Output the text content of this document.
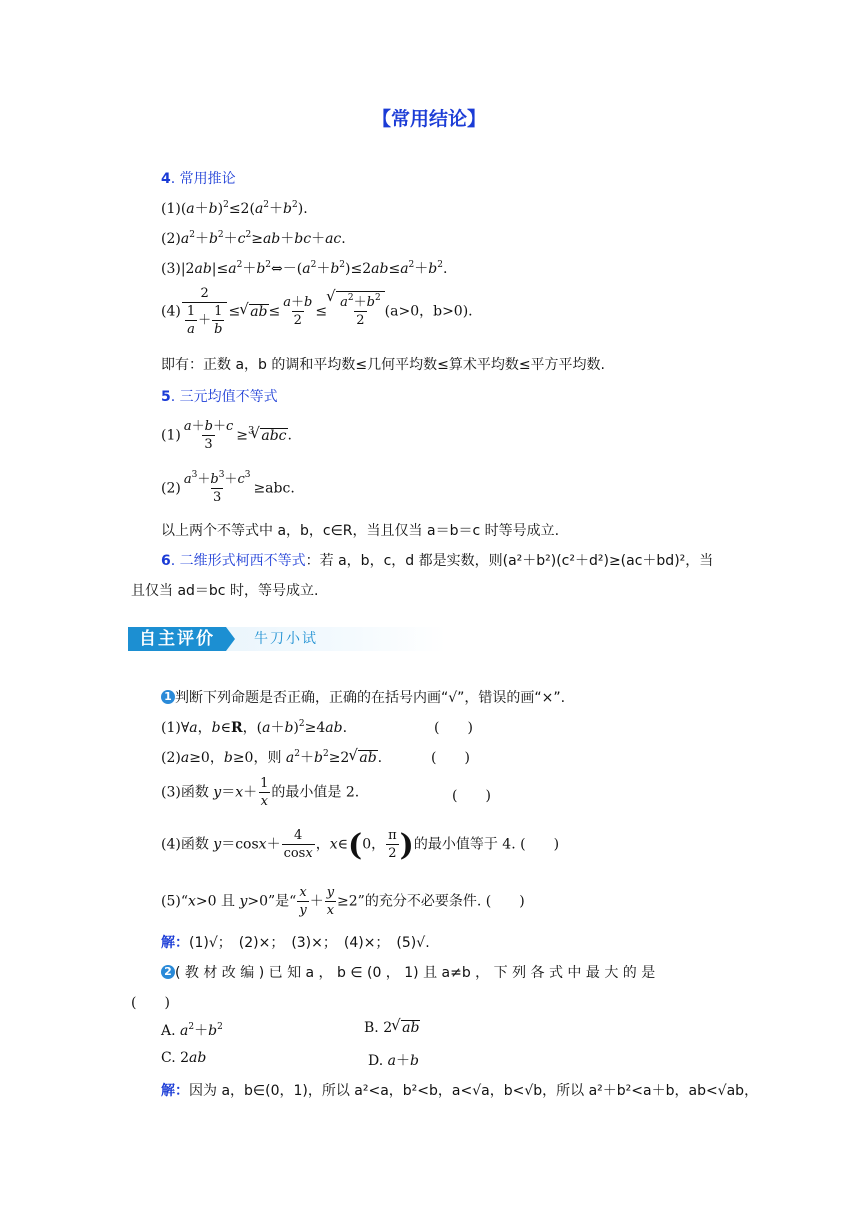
【常用结论】
4. 常用推论
$(1)(a+b)^2\le 2(a^2+b^2)$.
$(2)a^2+b^2+c^2\ge ab+bc+ac$.
$(3)|2ab|\le a^2+b^2\Leftrightarrow-(a^2+b^2)\le 2ab\le a^2+b^2$.
$(4) \frac{2}{\frac{1}{a} + \frac{1}{b}}$ ≤√ $ab\le \frac{a+b}{2}$ ≤
√ $\frac{a^2+b^2}{2} (a>0$，b>0).
即有：正数 a，b 的调和平均数≤几何平均数≤算术平均数≤平方平均数.
5. 三元均值不等式
$(1) \frac{a+b+c}{3} \ge^3√$ abc.
$(2) \frac{a^3+b^3+c^3}{3} \ge abc$.
以上两个不等式中 a，b，c∈R，当且仅当 a＝b＝c 时等号成立.
6. 二维形式柯西不等式：若 a，b，c，d 都是实数，则(a²＋b²)(c²＋d²)≥(ac＋bd)²，当
且仅当 ad＝bc 时，等号成立.
自主评价	牛刀小试
1 判断下列命题是否正确，正确的在括号内画“√”，错误的画“×”.
(1)∀a，b∈R，$(a+b)^2\ge 4ab$.	(　　)
(2)a≥0，b≥0，则 $a^2+b^2\ge 2√$ ab.	(　　)
(3)函数 $y=x+ \frac{1}{x}$ 的最小值是 2.	(　　)
(4)函数 $y=\cos x+ \frac{4}{\cos x}$ ，x∈(0， $\frac{\pi}{2}$ )的最小值等于 4. (　　)
(5)“x>0 且 y>0”是“ $\frac{x}{y} + \frac{y}{x} \ge 2$”的充分不必要条件. (　　)
解：(1)√；　(2)×；　(3)×；　(4)×；　(5)√.
2 ( 教 材 改 编 ) 已 知 a ， b ∈ (0 ， 1) 且 a≠b ， 下 列 各 式 中 最 大 的 是
(　　)
A. $a^2+b^2$	B. 2√ ab
C. 2ab	D. a＋b
解：因为 a，b∈(0，1)，所以 a²<a，b²<b，a<√a，b<√b，所以 a²＋b²<a＋b，ab<√ab，
